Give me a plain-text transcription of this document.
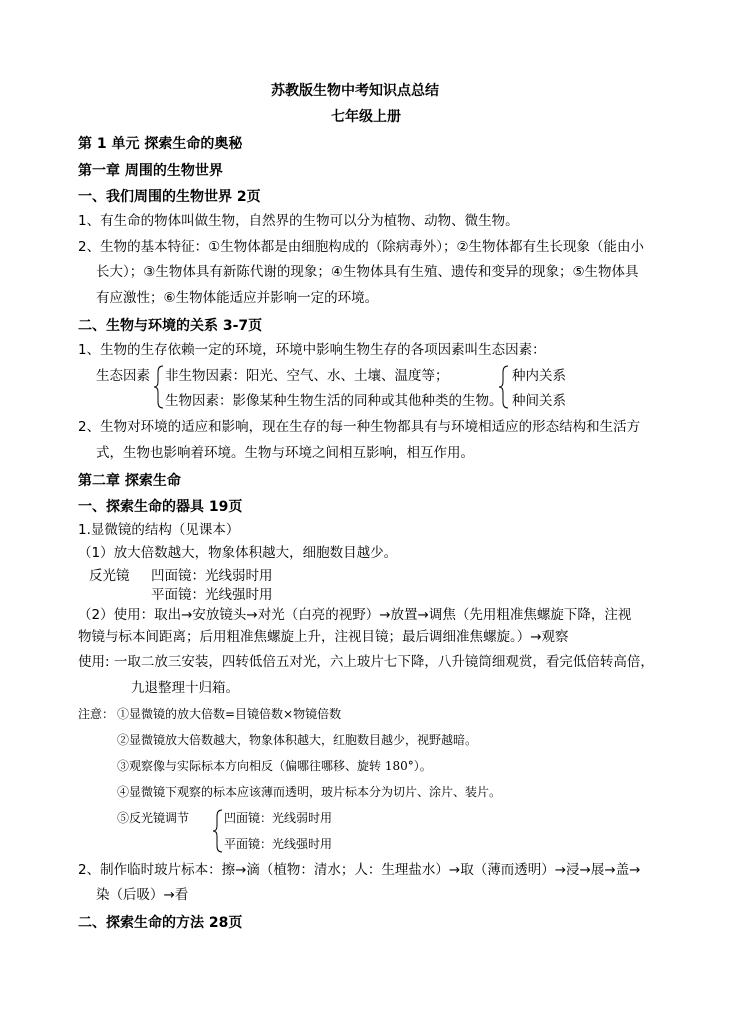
苏教版生物中考知识点总结
七年级上册
第 1 单元 探索生命的奥秘
第一章 周围的生物世界
一、我们周围的生物世界 2页
1、有生命的物体叫做生物，自然界的生物可以分为植物、动物、微生物。
2、生物的基本特征：①生物体都是由细胞构成的（除病毒外）；②生物体都有生长现象（能由小
长大）；③生物体具有新陈代谢的现象；④生物体具有生殖、遗传和变异的现象；⑤生物体具
有应激性；⑥生物体能适应并影响一定的环境。
二、生物与环境的关系 3-7页
1、生物的生存依赖一定的环境，环境中影响生物生存的各项因素叫生态因素：
生态因素 非生物因素：阳光、空气、水、土壤、温度等；
生物因素：影像某种生物生活的同种或其他种类的生物。
种内关系
种间关系
2、生物对环境的适应和影响，现在生存的每一种生物都具有与环境相适应的形态结构和生活方
式，生物也影响着环境。生物与环境之间相互影响，相互作用。
第二章 探索生命
一、探索生命的器具 19页
1.显微镜的结构（见课本）
（1）放大倍数越大，物象体积越大，细胞数目越少。
反光镜 凹面镜：光线弱时用
平面镜：光线强时用
（2）使用：取出→安放镜头→对光（白亮的视野）→放置→调焦（先用粗准焦螺旋下降，注视
物镜与标本间距离；后用粗准焦螺旋上升，注视目镜；最后调细准焦螺旋。）→观察
使用: 一取二放三安装，四转低倍五对光，六上玻片七下降，八升镜筒细观赏，看完低倍转高倍，
九退整理十归箱。
注意： ①显微镜的放大倍数=目镜倍数×物镜倍数
②显微镜放大倍数越大，物象体积越大，红胞数目越少，视野越暗。
③观察像与实际标本方向相反（偏哪往哪移、旋转 180°）。
④显微镜下观察的标本应该薄而透明，玻片标本分为切片、涂片、装片。
⑤反光镜调节	凹面镜：光线弱时用
平面镜：光线强时用
2、制作临时玻片标本：擦→滴（植物：清水；人：生理盐水）→取（薄而透明）→浸→展→盖→
染（后吸）→看
二、探索生命的方法 28页
